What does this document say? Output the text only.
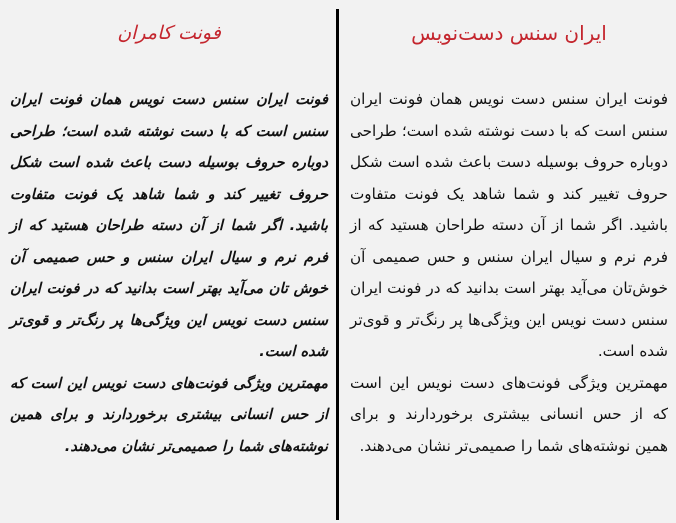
ایران سنس دست‌نویس

فونت ایران سنس دست نویس همان فونت ایران سنس است که با دست نوشته شده است؛ طراحی دوباره حروف بوسیله دست باعث شده است شکل حروف تغییر کند و شما شاهد یک فونت متفاوت باشید. اگر شما از آن دسته طراحان هستید که از فرم نرم و سیال ایران سنس و حس صمیمی آن خوش‌تان می‌آید بهتر است بدانید که در فونت ایران سنس دست نویس این ویژگی‌ها پر رنگ‌تر و قوی‌تر شده است.

مهمترین ویژگی فونت‌های دست نویس این است که از حس انسانی بیشتری برخوردارند و برای همین نوشته‌های شما را صمیمی‌تر نشان می‌دهند.

فونت کامران

فونت ایران سنس دست نویس همان فونت ایران سنس است که با دست نوشته شده است؛ طراحی دوباره حروف بوسیله دست باعث شده است شکل حروف تغییر کند و شما شاهد یک فونت متفاوت باشید. اگر شما از آن دسته طراحان هستید که از فرم نرم و سیال ایران سنس و حس صمیمی آن خوش تان می‌آید بهتر است بدانید که در فونت ایران سنس دست نویس این ویژگی‌ها پر رنگ‌تر و قوی‌تر شده است.

مهمترین ویژگی فونت‌های دست نویس این است که از حس انسانی بیشتری برخوردارند و برای همین نوشته‌های شما را صمیمی‌تر نشان می‌دهند.
